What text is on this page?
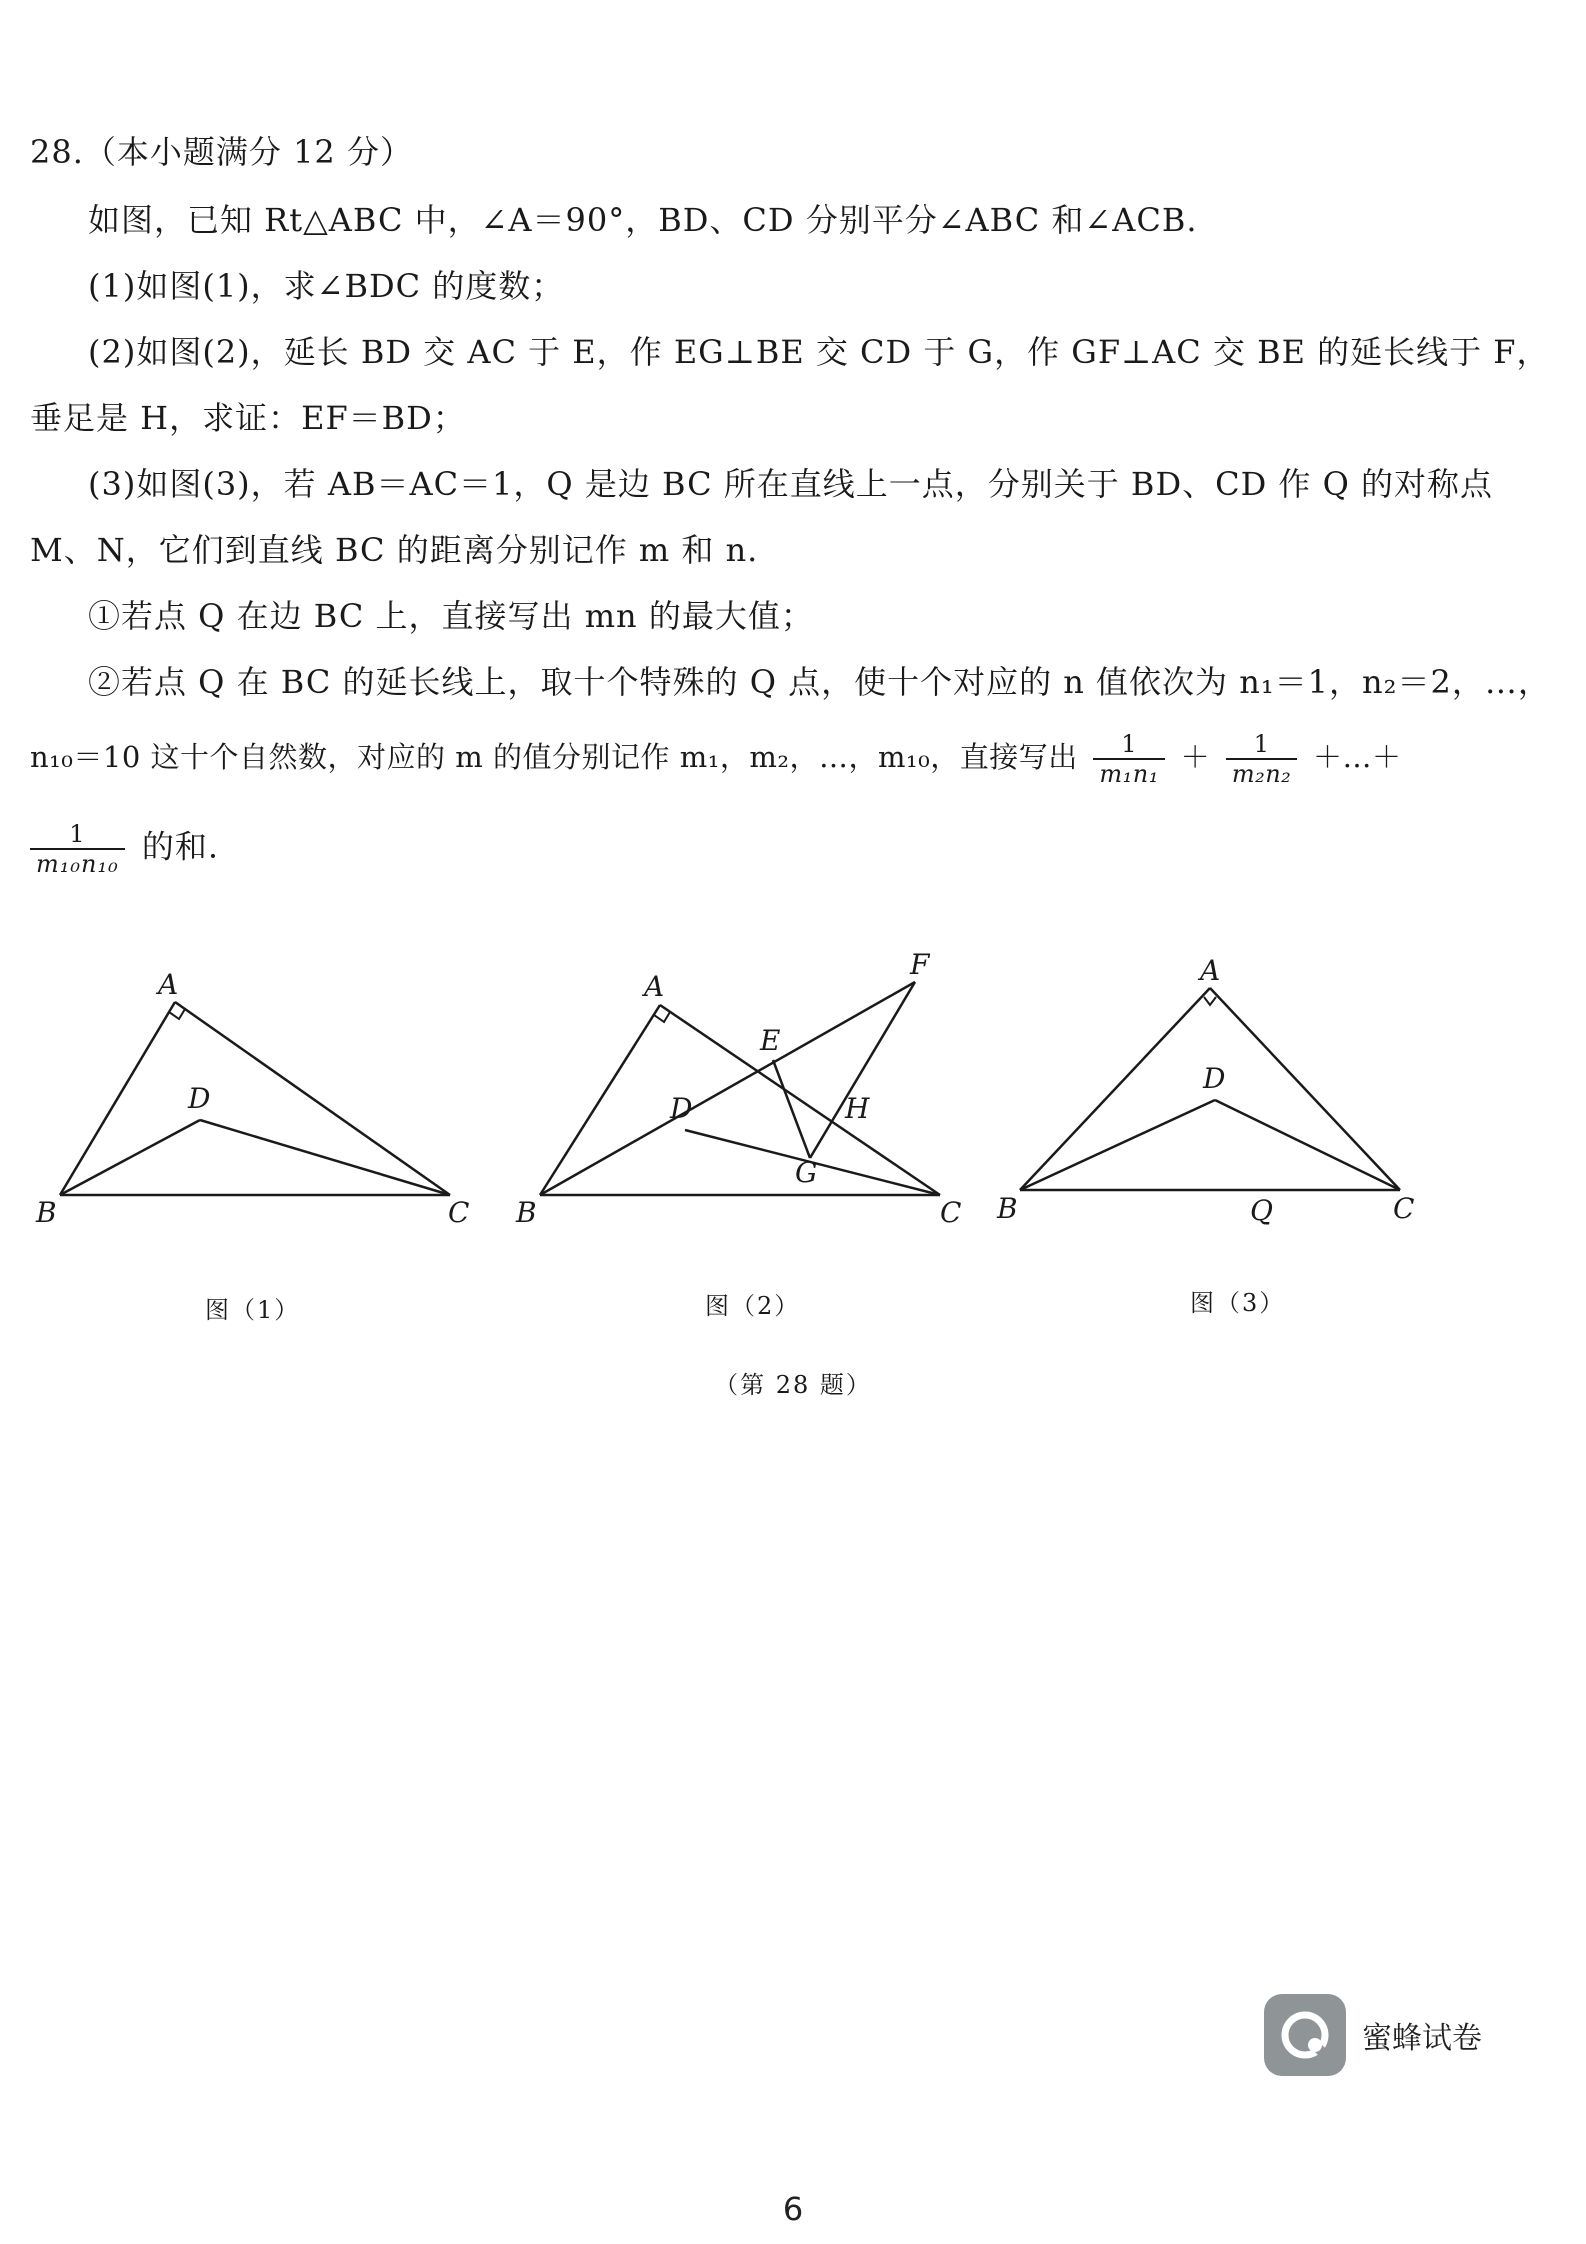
28.（本小题满分 12 分）
如图，已知 Rt△ABC 中，∠A＝90°，BD、CD 分别平分∠ABC 和∠ACB.
(1)如图(1)，求∠BDC 的度数；
(2)如图(2)，延长 BD 交 AC 于 E，作 EG⊥BE 交 CD 于 G，作 GF⊥AC 交 BE 的延长线于 F，
垂足是 H，求证：EF＝BD；
(3)如图(3)，若 AB＝AC＝1，Q 是边 BC 所在直线上一点，分别关于 BD、CD 作 Q 的对称点
M、N，它们到直线 BC 的距离分别记作 m 和 n.
①若点 Q 在边 BC 上，直接写出 mn 的最大值；
②若点 Q 在 BC 的延长线上，取十个特殊的 Q 点，使十个对应的 n 值依次为 n₁＝1，n₂＝2，…，
n₁₀＝10 这十个自然数，对应的 m 的值分别记作 m₁，m₂，…，m₁₀，直接写出 $\frac{1}{\text{m₁n₁}} + \frac{1}{\text{m₂n₂}}$ ＋…＋
$\frac{1}{\text{m₁₀n₁₀}}$ 的和.
A
B	C
D
图（1）
A
B	C
D
E
F
G
H
图（2）
A
B	C
D
Q
图（3）
（第 28 题）
蜜蜂试卷
6
